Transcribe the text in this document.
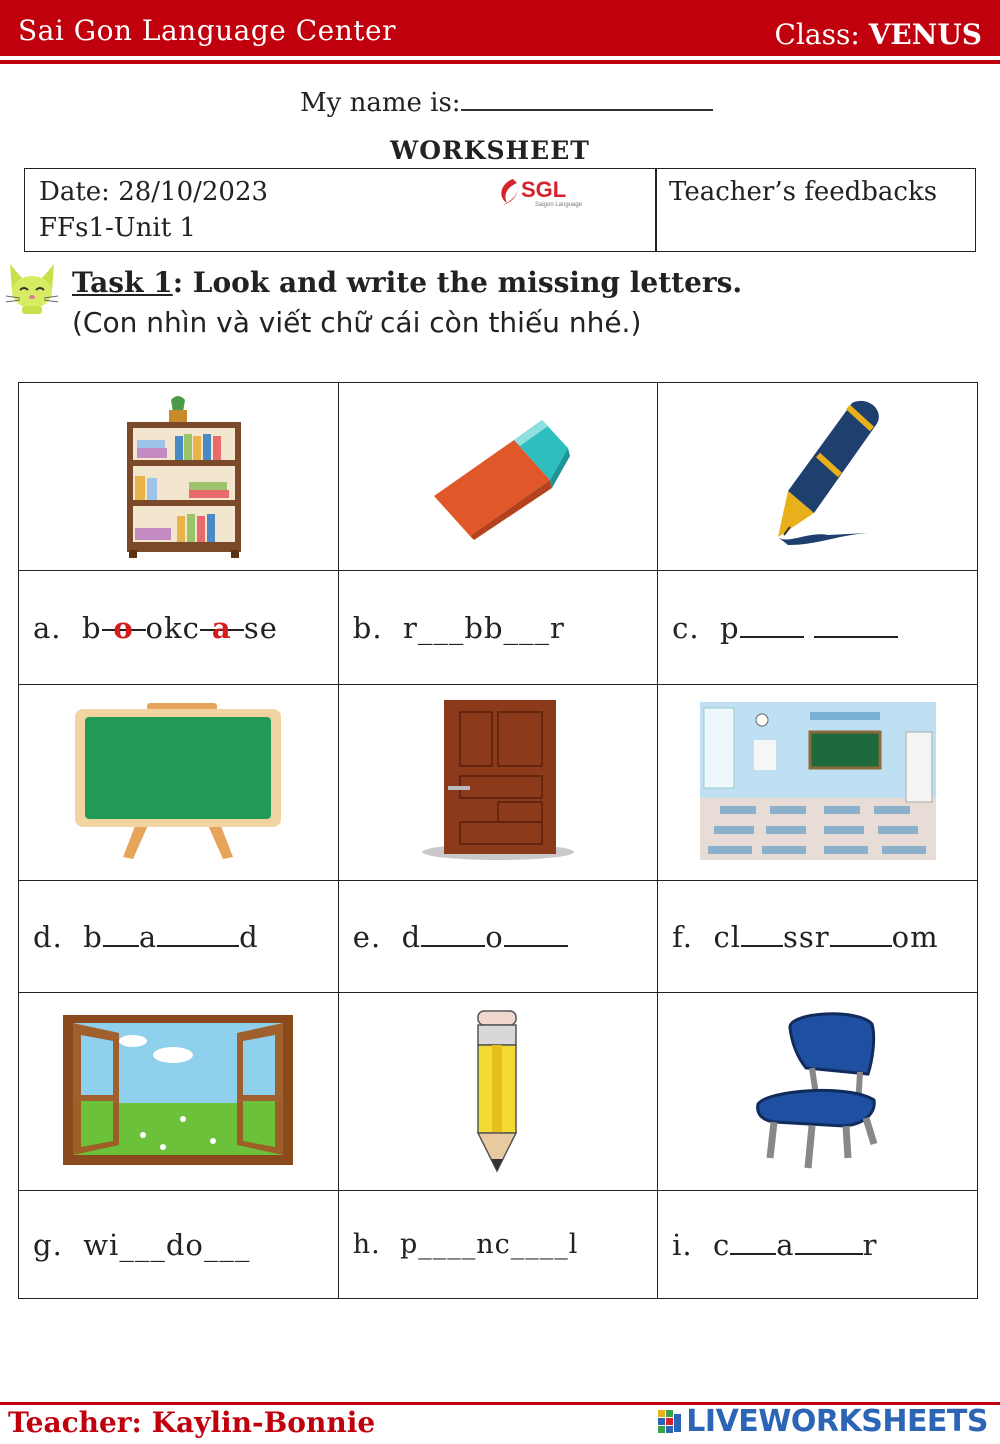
Sai Gon Language Center	Class: VENUS
My name is:
WORKSHEET
Date: 28/10/2023
FFs1-Unit 1
SGL
Saigon Language	Teacher’s feedbacks
Task 1: Look and write the missing letters.
(Con nhìn và viết chữ cái còn thiếu nhé.)

a. b o okc a se	b. r___bb___r	c. p

d. b a d	e. d o	f. cl ssr om

g. wi___do___	h. p____nc____l	i. c a r
Teacher: Kaylin-Bonnie	LIVEWORKSHEETS
